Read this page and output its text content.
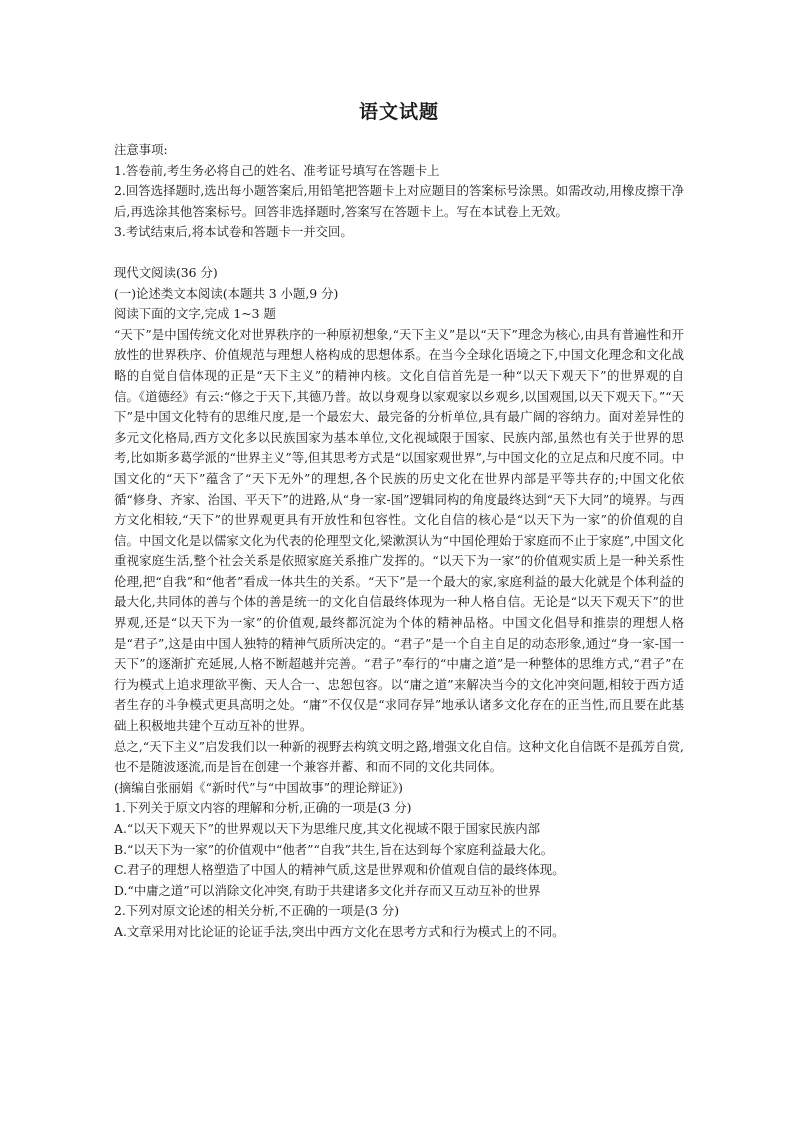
语文试题

注意事项:

1.答卷前,考生务必将自己的姓名、准考证号填写在答题卡上

2.回答选择题时,选出每小题答案后,用铅笔把答题卡上对应题目的答案标号涂黑。如需改动,用橡皮擦干净后,再选涂其他答案标号。回答非选择题时,答案写在答题卡上。写在本试卷上无效。

3.考试结束后,将本试卷和答题卡一并交回。

现代文阅读(36 分)

(一)论述类文本阅读(本题共 3 小题,9 分)

阅读下面的文字,完成 1~3 题

“天下”是中国传统文化对世界秩序的一种原初想象,“天下主义”是以“天下”理念为核心,由具有普遍性和开放性的世界秩序、价值规范与理想人格构成的思想体系。在当今全球化语境之下,中国文化理念和文化战略的自觉自信体现的正是“天下主义”的精神内核。文化自信首先是一种“以天下观天下”的世界观的自信。《道德经》有云:“修之于天下,其德乃普。故以身观身以家观家以乡观乡,以国观国,以天下观天下。”“天下”是中国文化特有的思维尺度,是一个最宏大、最完备的分析单位,具有最广阔的容纳力。面对差异性的多元文化格局,西方文化多以民族国家为基本单位,文化视域限于国家、民族内部,虽然也有关于世界的思考,比如斯多葛学派的“世界主义”等,但其思考方式是“以国家观世界”,与中国文化的立足点和尺度不同。中国文化的“天下”蕴含了“天下无外”的理想,各个民族的历史文化在世界内部是平等共存的;中国文化依循“修身、齐家、治国、平天下”的进路,从“身一家-国”逻辑同构的角度最终达到“天下大同”的境界。与西方文化相较,“天下”的世界观更具有开放性和包容性。文化自信的核心是“以天下为一家”的价值观的自信。中国文化是以儒家文化为代表的伦理型文化,梁漱溟认为“中国伦理始于家庭而不止于家庭”,中国文化重视家庭生活,整个社会关系是依照家庭关系推广发挥的。“以天下为一家”的价值观实质上是一种关系性伦理,把“自我”和“他者”看成一体共生的关系。“天下”是一个最大的家,家庭利益的最大化就是个体利益的最大化,共同体的善与个体的善是统一的文化自信最终体现为一种人格自信。无论是“以天下观天下”的世界观,还是“以天下为一家”的价值观,最终都沉淀为个体的精神品格。中国文化倡导和推崇的理想人格是“君子”,这是由中国人独特的精神气质所决定的。“君子”是一个自主自足的动态形象,通过“身一家-国一天下”的逐渐扩充延展,人格不断超越并完善。“君子”奉行的“中庸之道”是一种整体的思维方式,“君子”在行为模式上追求理欲平衡、天人合一、忠恕包容。以“庸之道”来解决当今的文化冲突问题,相较于西方适者生存的斗争模式更具高明之处。“庸”不仅仅是“求同存异”地承认诸多文化存在的正当性,而且要在此基础上积极地共建个互动互补的世界。

总之,“天下主义”启发我们以一种新的视野去构筑文明之路,增强文化自信。这种文化自信既不是孤芳自赏,也不是随波逐流,而是旨在创建一个兼容并蓄、和而不同的文化共同体。

(摘编自张丽娟《“新时代”与“中国故事”的理论辩证》)

1.下列关于原文内容的理解和分析,正确的一项是(3 分)

A.“以天下观天下”的世界观以天下为思维尺度,其文化视域不限于国家民族内部

B.“以天下为一家”的价值观中“他者”“自我”共生,旨在达到每个家庭利益最大化。

C.君子的理想人格塑造了中国人的精神气质,这是世界观和价值观自信的最终体现。

D.“中庸之道”可以消除文化冲突,有助于共建诸多文化并存而又互动互补的世界

2.下列对原文论述的相关分析,不正确的一项是(3 分)

A.文章采用对比论证的论证手法,突出中西方文化在思考方式和行为模式上的不同。
